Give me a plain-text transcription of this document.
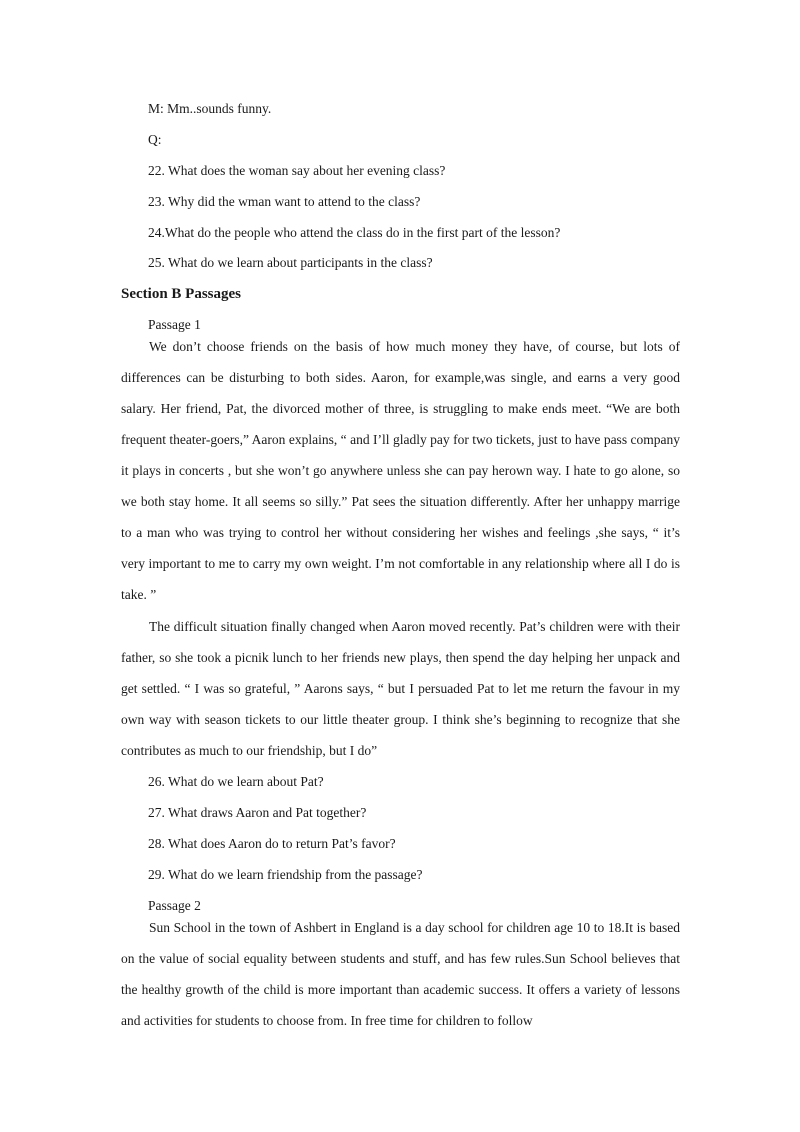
M: Mm..sounds funny.
Q:
22. What does the woman say about her evening class?
23. Why did the wman want to attend to the class?
24.What do the people who attend the class do in the first part of the lesson?
25. What do we learn about participants in the class?
Section B Passages
Passage 1

We don’t choose friends on the basis of how much money they have, of course, but lots of differences can be disturbing to both sides. Aaron, for example,was single, and earns a very good salary. Her friend, Pat, the divorced mother of three, is struggling to make ends meet. “We are both frequent theater-goers,” Aaron explains, “ and I’ll gladly pay for two tickets, just to have pass company it plays in concerts , but she won’t go anywhere unless she can pay herown way. I hate to go alone, so we both stay home. It all seems so silly.” Pat sees the situation differently. After her unhappy marrige to a man who was trying to control her without considering her wishes and feelings ,she says, “ it’s very important to me to carry my own weight. I’m not comfortable in any relationship where all I do is take. ”

The difficult situation finally changed when Aaron moved recently. Pat’s children were with their father, so she took a picnik lunch to her friends new plays, then spend the day helping her unpack and get settled. “ I was so grateful, ” Aarons says, “ but I persuaded Pat to let me return the favour in my own way with season tickets to our little theater group. I think she’s beginning to recognize that she contributes as much to our friendship, but I do”

26. What do we learn about Pat?
27. What draws Aaron and Pat together?
28. What does Aaron do to return Pat’s favor?
29. What do we learn friendship from the passage?
Passage 2

Sun School in the town of Ashbert in England is a day school for children age 10 to 18.It is based on the value of social equality between students and stuff, and has few rules.Sun School believes that the healthy growth of the child is more important than academic success. It offers a variety of lessons and activities for students to choose from. In free time for children to follow
